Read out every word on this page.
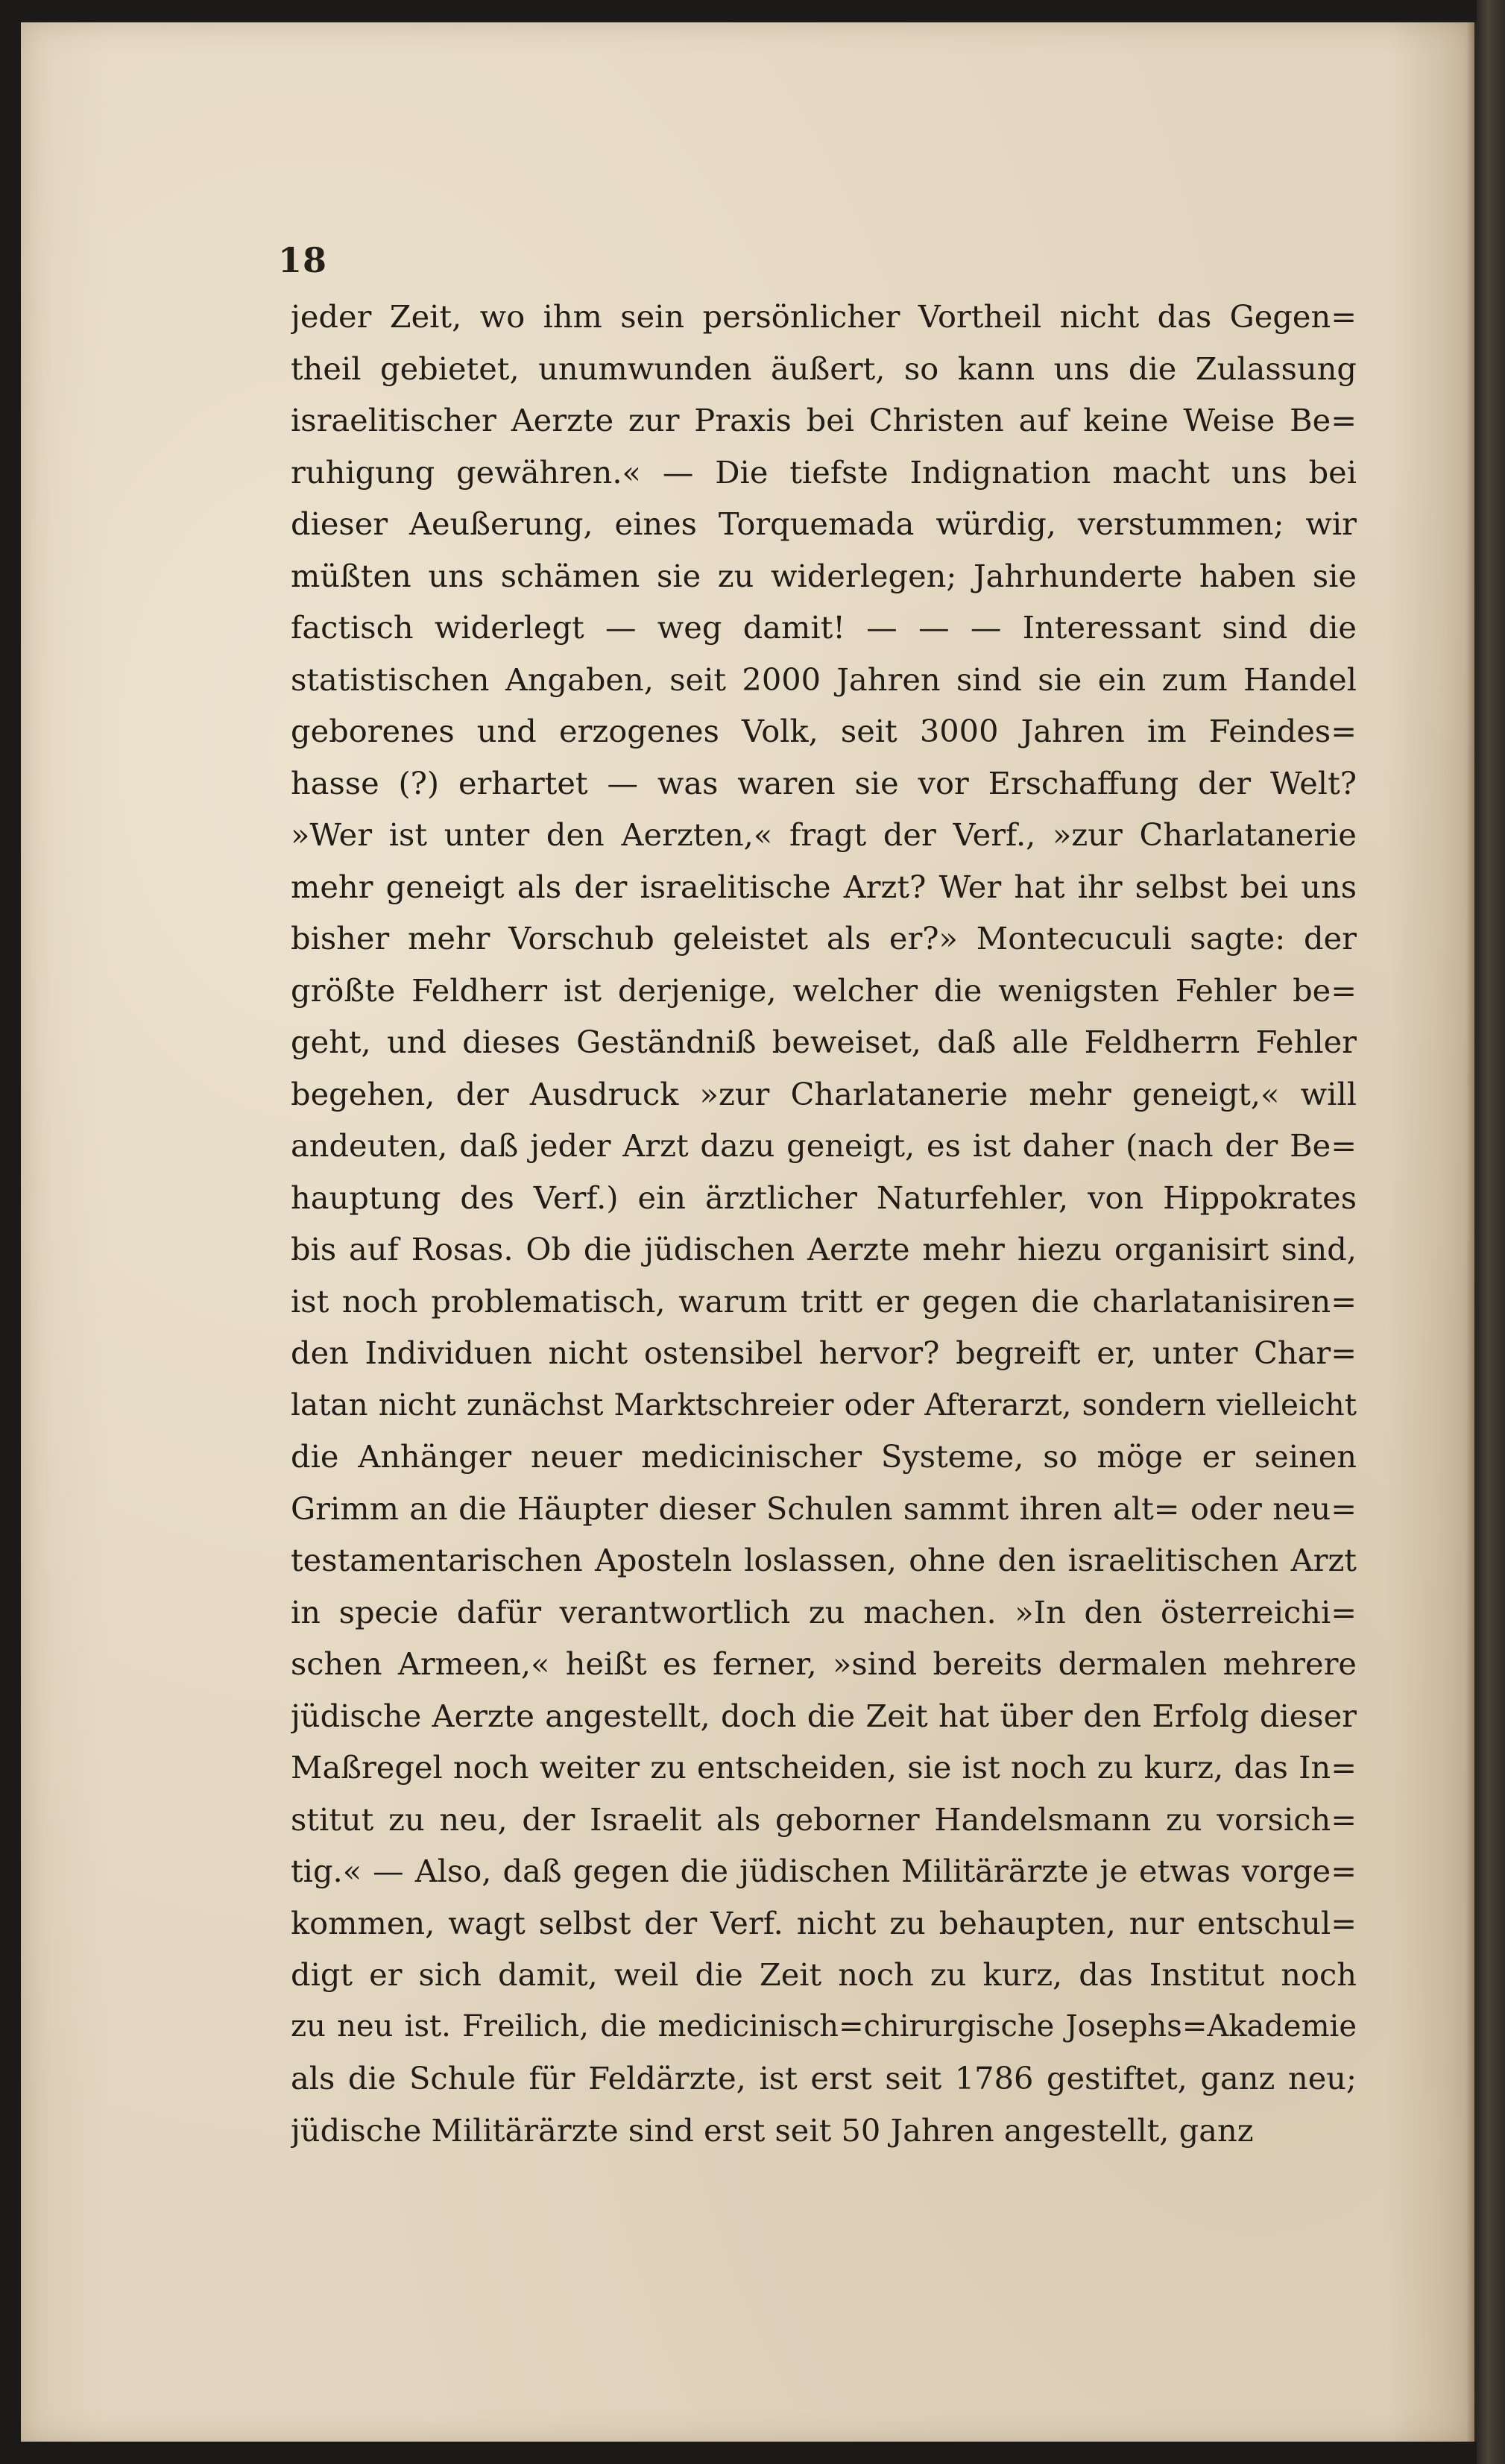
18
jeder Zeit, wo ihm sein persönlicher Vortheil nicht das Gegen=
theil gebietet, unumwunden äußert, so kann uns die Zulassung
israelitischer Aerzte zur Praxis bei Christen auf keine Weise Be=
ruhigung gewähren.« — Die tiefste Indignation macht uns bei
dieser Aeußerung, eines Torquemada würdig, verstummen; wir
müßten uns schämen sie zu widerlegen; Jahrhunderte haben sie
factisch widerlegt — weg damit! — — — Interessant sind die
statistischen Angaben, seit 2000 Jahren sind sie ein zum Handel
geborenes und erzogenes Volk, seit 3000 Jahren im Feindes=
hasse (?) erhartet — was waren sie vor Erschaffung der Welt?
»Wer ist unter den Aerzten,« fragt der Verf., »zur Charlatanerie
mehr geneigt als der israelitische Arzt? Wer hat ihr selbst bei uns
bisher mehr Vorschub geleistet als er?» Montecuculi sagte: der
größte Feldherr ist derjenige, welcher die wenigsten Fehler be=
geht, und dieses Geständniß beweiset, daß alle Feldherrn Fehler
begehen, der Ausdruck »zur Charlatanerie mehr geneigt,« will
andeuten, daß jeder Arzt dazu geneigt, es ist daher (nach der Be=
hauptung des Verf.) ein ärztlicher Naturfehler, von Hippokrates
bis auf Rosas. Ob die jüdischen Aerzte mehr hiezu organisirt sind,
ist noch problematisch, warum tritt er gegen die charlatanisiren=
den Individuen nicht ostensibel hervor? begreift er, unter Char=
latan nicht zunächst Marktschreier oder Afterarzt, sondern vielleicht
die Anhänger neuer medicinischer Systeme, so möge er seinen
Grimm an die Häupter dieser Schulen sammt ihren alt= oder neu=
testamentarischen Aposteln loslassen, ohne den israelitischen Arzt
in specie dafür verantwortlich zu machen. »In den österreichi=
schen Armeen,« heißt es ferner, »sind bereits dermalen mehrere
jüdische Aerzte angestellt, doch die Zeit hat über den Erfolg dieser
Maßregel noch weiter zu entscheiden, sie ist noch zu kurz, das In=
stitut zu neu, der Israelit als geborner Handelsmann zu vorsich=
tig.« — Also, daß gegen die jüdischen Militärärzte je etwas vorge=
kommen, wagt selbst der Verf. nicht zu behaupten, nur entschul=
digt er sich damit, weil die Zeit noch zu kurz, das Institut noch
zu neu ist. Freilich, die medicinisch=chirurgische Josephs=Akademie
als die Schule für Feldärzte, ist erst seit 1786 gestiftet, ganz neu;
jüdische Militärärzte sind erst seit 50 Jahren angestellt, ganz
